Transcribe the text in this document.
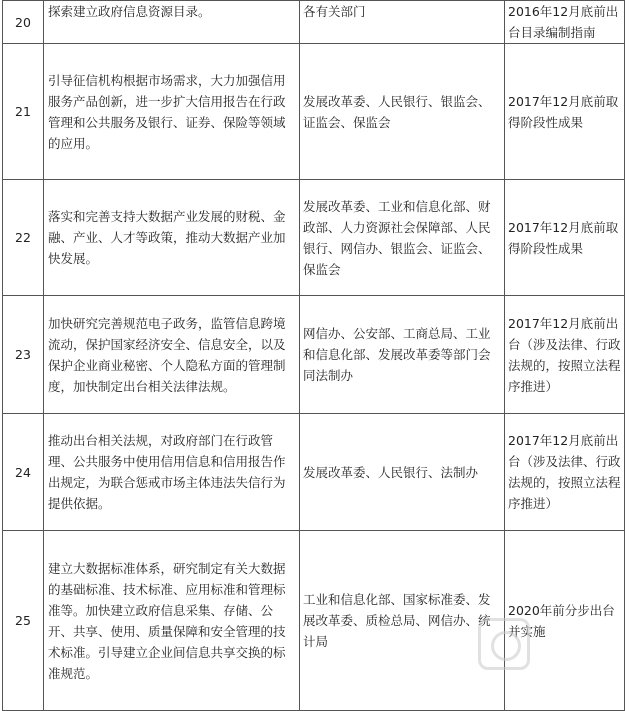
20	探索建立政府信息资源目录。	各有关部门	2016年12月底前出台目录编制指南
21	引导征信机构根据市场需求，大力加强信用服务产品创新，进一步扩大信用报告在行政管理和公共服务及银行、证券、保险等领域的应用。	发展改革委、人民银行、银监会、证监会、保监会	2017年12月底前取得阶段性成果
22	落实和完善支持大数据产业发展的财税、金融、产业、人才等政策，推动大数据产业加快发展。	发展改革委、工业和信息化部、财政部、人力资源社会保障部、人民银行、网信办、银监会、证监会、保监会	2017年12月底前取得阶段性成果
23	加快研究完善规范电子政务，监管信息跨境流动，保护国家经济安全、信息安全，以及保护企业商业秘密、个人隐私方面的管理制度，加快制定出台相关法律法规。	网信办、公安部、工商总局、工业和信息化部、发展改革委等部门会同法制办	2017年12月底前出台（涉及法律、行政法规的，按照立法程序推进）
24	推动出台相关法规，对政府部门在行政管理、公共服务中使用信用信息和信用报告作出规定，为联合惩戒市场主体违法失信行为提供依据。	发展改革委、人民银行、法制办	2017年12月底前出台（涉及法律、行政法规的，按照立法程序推进）
25	建立大数据标准体系，研究制定有关大数据的基础标准、技术标准、应用标准和管理标准等。加快建立政府信息采集、存储、公开、共享、使用、质量保障和安全管理的技术标准。引导建立企业间信息共享交换的标准规范。	工业和信息化部、国家标准委、发展改革委、质检总局、网信办、统计局	2020年前分步出台并实施
